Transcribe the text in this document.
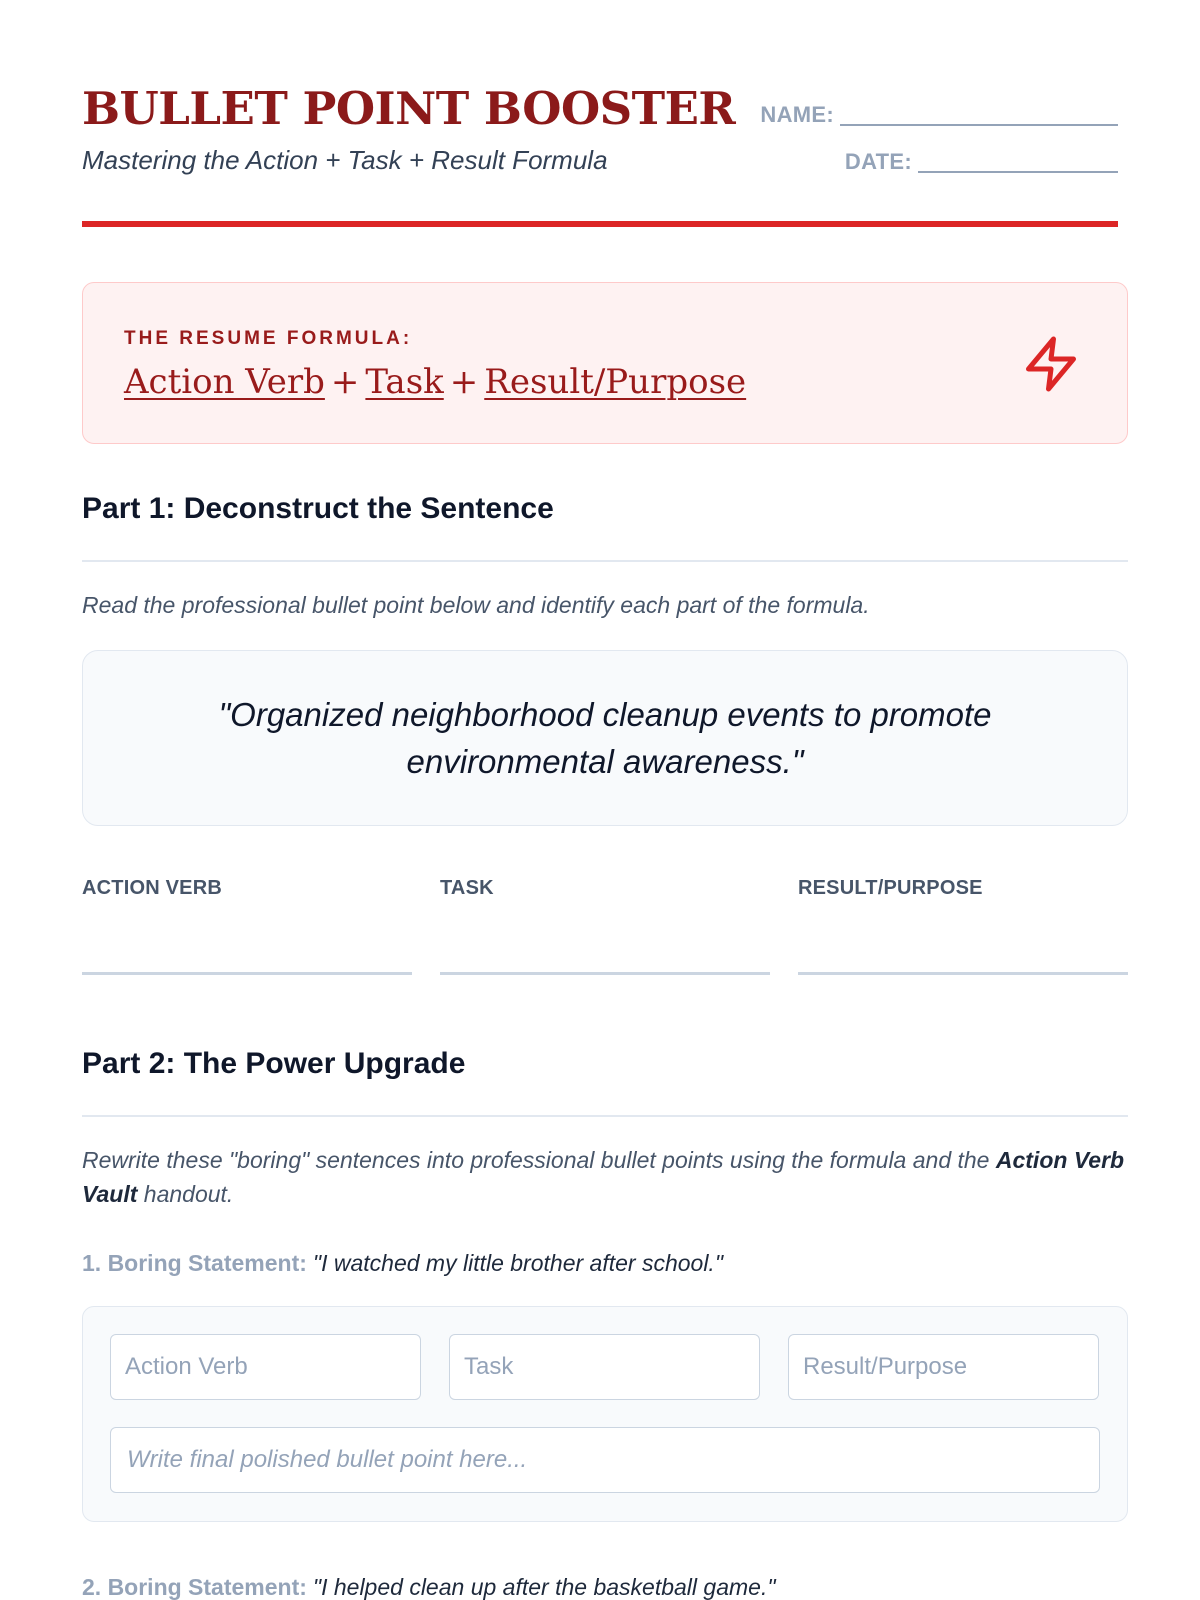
BULLET POINT BOOSTER
Mastering the Action + Task + Result Formula
NAME:
DATE:
THE RESUME FORMULA:
Action Verb + Task + Result/Purpose
Part 1: Deconstruct the Sentence
Read the professional bullet point below and identify each part of the formula.
"Organized neighborhood cleanup events to promote environmental awareness."
ACTION VERB	TASK	RESULT/PURPOSE
Part 2: The Power Upgrade
Rewrite these "boring" sentences into professional bullet points using the formula and the Action Verb Vault handout.
1. Boring Statement: "I watched my little brother after school."
Action Verb
Task
Result/Purpose
Write final polished bullet point here...
2. Boring Statement: "I helped clean up after the basketball game."
